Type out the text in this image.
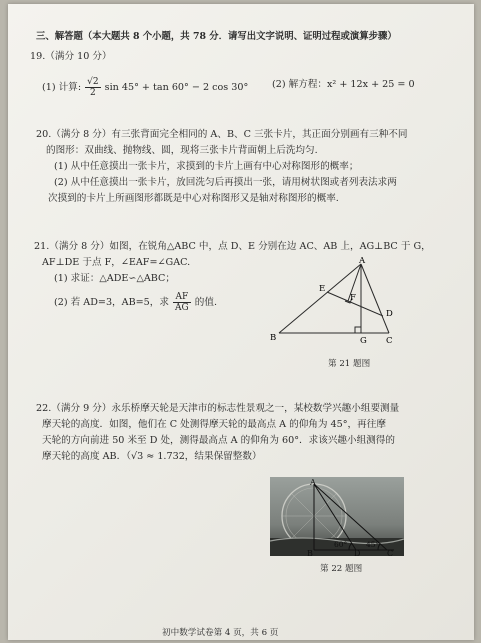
三、解答题（本大题共 8 个小题，共 78 分．请写出文字说明、证明过程或演算步骤）
19.（满分 10 分）
(1) 计算: $\frac{√2}{2}$ sin 45° + tan 60° − 2 cos 30° (2) 解方程：x² + 12x + 25 = 0
20.（满分 8 分）有三张背面完全相同的 A、B、C 三张卡片，其正面分别画有三种不同
的图形：双曲线、抛物线、圆，现将三张卡片背面朝上后洗均匀.
(1) 从中任意摸出一张卡片，求摸到的卡片上画有中心对称图形的概率；
(2) 从中任意摸出一张卡片，放回洗匀后再摸出一张，请用树状图或者列表法求两
次摸到的卡片上所画图形都既是中心对称图形又是轴对称图形的概率.
21.（满分 8 分）如图，在锐角△ABC 中，点 D、E 分别在边 AC、AB 上，AG⊥BC 于 G，
AF⊥DE 于点 F，∠EAF=∠GAC.
(1) 求证：△ADE∽△ABC；
(2) 若 AD=3，AB=5，求 $\frac{AF}{AG}$ 的值.
A
B	C
D
E
F
G
第 21 题图
22.（满分 9 分）永乐桥摩天轮是天津市的标志性景观之一，某校数学兴趣小组要测量
摩天轮的高度．如图，他们在 C 处测得摩天轮的最高点 A 的仰角为 45°，再往摩
天轮的方向前进 50 米至 D 处，测得最高点 A 的仰角为 60°．求该兴趣小组测得的
摩天轮的高度 AB．（√3 ≈ 1.732，结果保留整数）
A
B	D	C
60° 45°
第 22 题图
初中数学试卷第 4 页，共 6 页
